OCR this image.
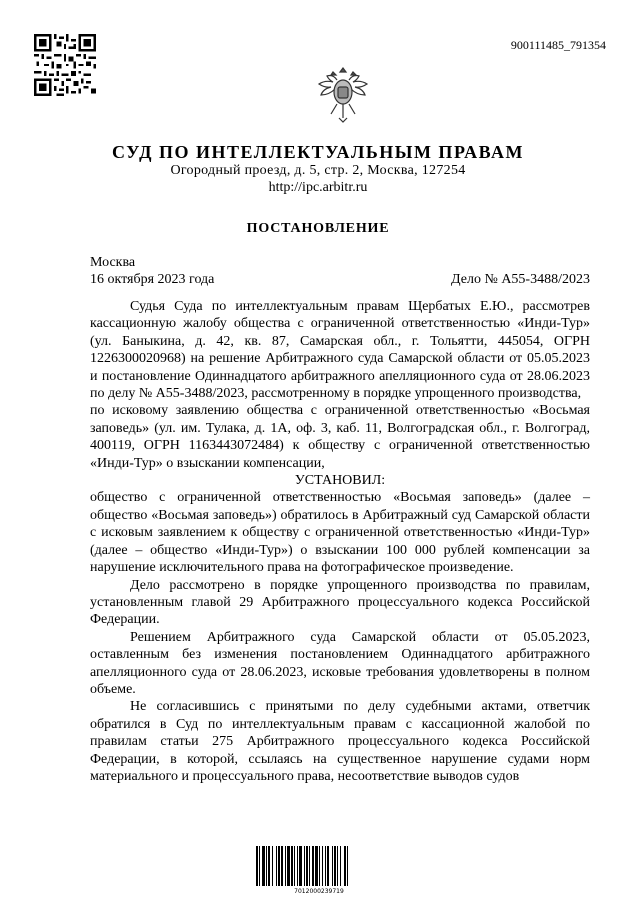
900111485_791354
СУД ПО ИНТЕЛЛЕКТУАЛЬНЫМ ПРАВАМ
Огородный проезд, д. 5, стр. 2, Москва, 127254
http://ipc.arbitr.ru
ПОСТАНОВЛЕНИЕ
Москва
16 октября 2023 года	Дело № А55-3488/2023

Судья Суда по интеллектуальным правам Щербатых Е.Ю., рассмотрев кассационную жалобу общества с ограниченной ответственностью «Инди-Тур» (ул. Баныкина, д. 42, кв. 87, Самарская обл., г. Тольятти, 445054, ОГРН 1226300020968) на решение Арбитражного суда Самарской области от 05.05.2023 и постановление Одиннадцатого арбитражного апелляционного суда от 28.06.2023 по делу № А55-3488/2023, рассмотренному в порядке упрощенного производства,

по исковому заявлению общества с ограниченной ответственностью «Восьмая заповедь» (ул. им. Тулака, д. 1А, оф. 3, каб. 11, Волгоградская обл., г. Волгоград, 400119, ОГРН 1163443072484) к обществу с ограниченной ответственностью «Инди-Тур» о взыскании компенсации,

УСТАНОВИЛ:

общество с ограниченной ответственностью «Восьмая заповедь» (далее – общество «Восьмая заповедь») обратилось в Арбитражный суд Самарской области с исковым заявлением к обществу с ограниченной ответственностью «Инди-Тур» (далее – общество «Инди-Тур») о взыскании 100 000 рублей компенсации за нарушение исключительного права на фотографическое произведение.

Дело рассмотрено в порядке упрощенного производства по правилам, установленным главой 29 Арбитражного процессуального кодекса Российской Федерации.

Решением Арбитражного суда Самарской области от 05.05.2023, оставленным без изменения постановлением Одиннадцатого арбитражного апелляционного суда от 28.06.2023, исковые требования удовлетворены в полном объеме.

Не согласившись с принятыми по делу судебными актами, ответчик обратился в Суд по интеллектуальным правам с кассационной жалобой по правилам статьи 275 Арбитражного процессуального кодекса Российской Федерации, в которой, ссылаясь на существенное нарушение судами норм материального и процессуального права, несоответствие выводов судов

7012000239719
